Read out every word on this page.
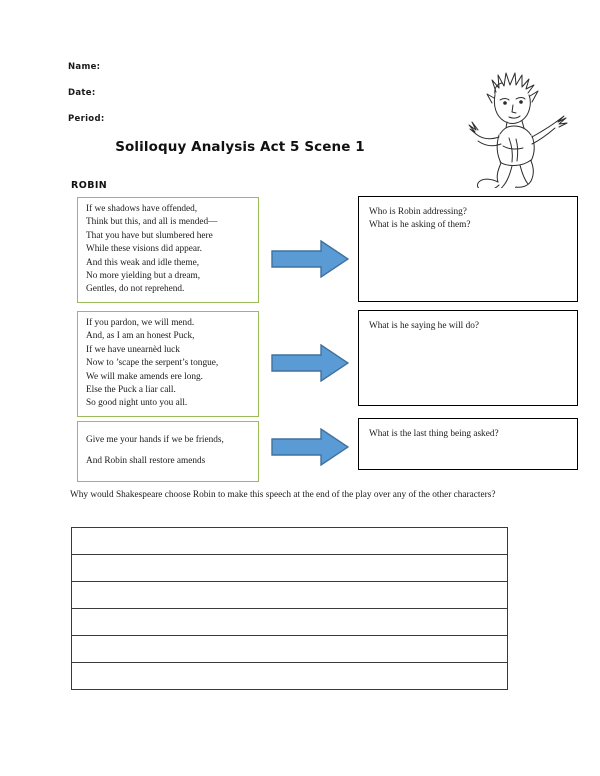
Name:
Date:
Period:
Soliloquy Analysis Act 5 Scene 1
ROBIN
If we shadows have offended,
Think but this, and all is mended—
That you have but slumbered here
While these visions did appear.
And this weak and idle theme,
No more yielding but a dream,
Gentles, do not reprehend.
If you pardon, we will mend.
And, as I am an honest Puck,
If we have unearnèd luck
Now to ’scape the serpent’s tongue,
We will make amends ere long.
Else the Puck a liar call.
So good night unto you all.
Give me your hands if we be friends,
And Robin shall restore amends
Who is Robin addressing?
What is he asking of them?
What is he saying he will do?
What is the last thing being asked?
Why would Shakespeare choose Robin to make this speech at the end of the play over any of the other characters?
